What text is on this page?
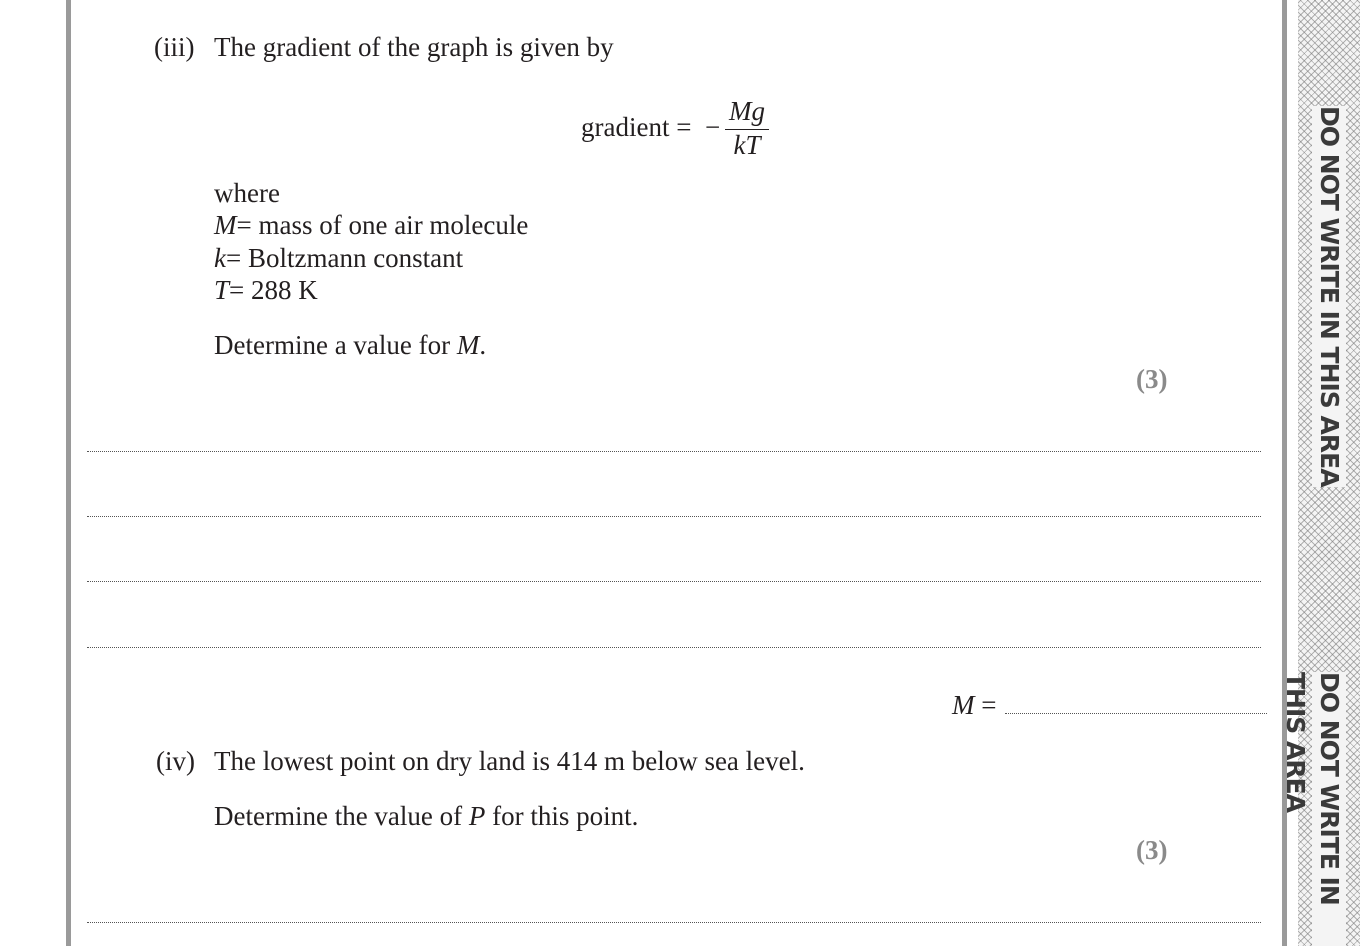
DO NOT WRITE IN THIS AREA
DO NOT WRITE IN THIS AREA
(iii) The gradient of the graph is given by
gradient = −
Mg
kT
where
M= mass of one air molecule
k= Boltzmann constant
T= 288 K
Determine a value for M.
(3)
M =
(iv) The lowest point on dry land is 414 m below sea level.
Determine the value of P for this point.
(3)
